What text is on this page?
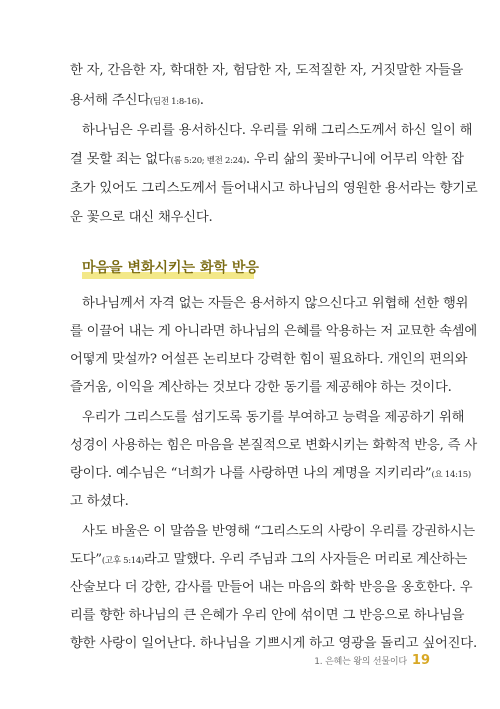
한 자, 간음한 자, 학대한 자, 험담한 자, 도적질한 자, 거짓말한 자들을
용서해 주신다(딤전 1:8-16).
하나님은 우리를 용서하신다. 우리를 위해 그리스도께서 하신 일이 해
결 못할 죄는 없다(롬 5:20; 벧전 2:24). 우리 삶의 꽃바구니에 어무리 악한 잡
초가 있어도 그리스도께서 들어내시고 하나님의 영원한 용서라는 향기로
운 꽃으로 대신 채우신다.
마음을 변화시키는 화학 반응
하나님께서 자격 없는 자들은 용서하지 않으신다고 위협해 선한 행위
를 이끌어 내는 게 아니라면 하나님의 은혜를 악용하는 저 교묘한 속셈에
어떻게 맞설까? 어설픈 논리보다 강력한 힘이 필요하다. 개인의 편의와
즐거움, 이익을 계산하는 것보다 강한 동기를 제공해야 하는 것이다.
우리가 그리스도를 섬기도록 동기를 부여하고 능력을 제공하기 위해
성경이 사용하는 힘은 마음을 본질적으로 변화시키는 화학적 반응, 즉 사
랑이다. 예수님은 “너희가 나를 사랑하면 나의 계명을 지키리라”(요 14:15)
고 하셨다.
사도 바울은 이 말씀을 반영해 “그리스도의 사랑이 우리를 강권하시는
도다”(고후 5:14)라고 말했다. 우리 주님과 그의 사자들은 머리로 계산하는
산술보다 더 강한, 감사를 만들어 내는 마음의 화학 반응을 옹호한다. 우
리를 향한 하나님의 큰 은혜가 우리 안에 섞이면 그 반응으로 하나님을
향한 사랑이 일어난다. 하나님을 기쁘시게 하고 영광을 돌리고 싶어진다.
1. 은혜는 왕의 선물이다 19
